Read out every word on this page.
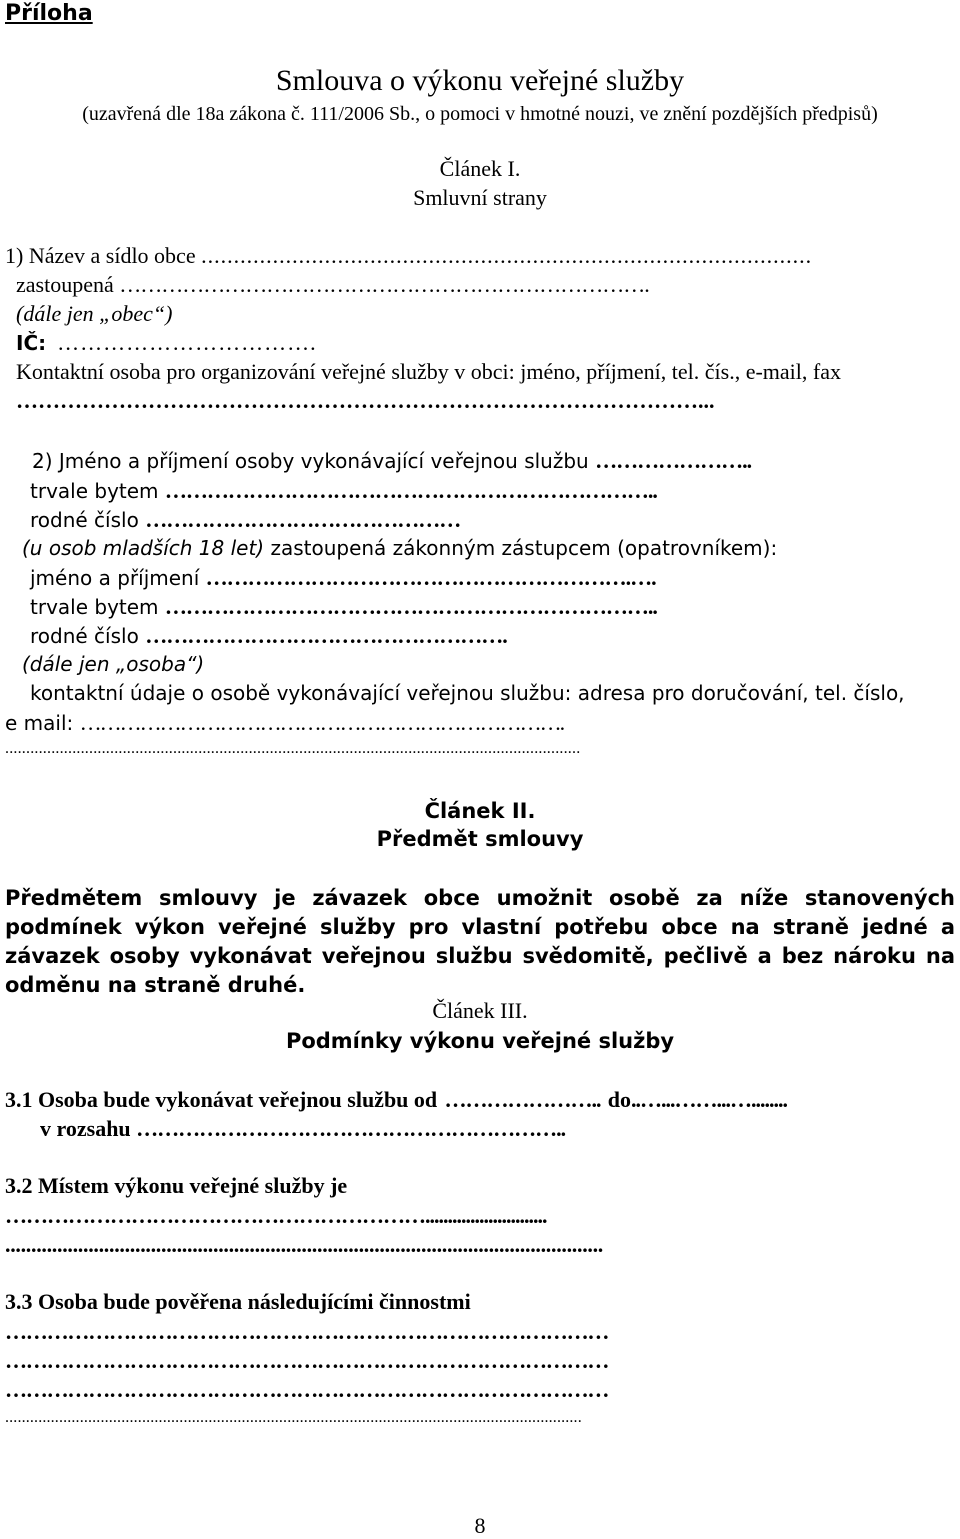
Příloha
Smlouva o výkonu veřejné služby
(uzavřená dle 18a zákona č. 111/2006 Sb., o pomoci v hmotné nouzi, ve znění pozdějších předpisů)
Článek I.
Smluvní strany
1) Název a sídlo obce
..............................................................................................
zastoupená
………………………………………………………………….
(dále jen „obec“)
IČ:
…………………………….
Kontaktní osoba pro organizování veřejné služby v obci: jméno, příjmení, tel. čís., e-mail, fax
…………………………………………………………………………………...
2) Jméno a příjmení osoby vykonávající veřejnou službu
…………………..
trvale bytem
……………………………………………………………..
rodné číslo
………………………………………
(u osob mladších 18 let)
zastoupená zákonným zástupcem (opatrovníkem):
jméno a příjmení
…………………………………………………….….
trvale bytem
……………………………………………………………..
rodné číslo
…………………………………………….
(dále jen „osoba“)
kontaktní údaje o osobě vykonávající veřejnou službu: adresa pro doručování, tel. číslo,
e mail:
……………………………………………………………….
.........................................................................................................................................
Článek II.
Předmět smlouvy
Předmětem smlouvy je závazek obce umožnit osobě za níže stanovených podmínek výkon veřejné služby pro vlastní potřebu obce na straně jedné a závazek osoby vykonávat veřejnou službu svědomitě, pečlivě a bez nároku na odměnu na straně druhé.
Článek III.
Podmínky výkonu veřejné služby
3.1 Osoba bude vykonávat veřejnou službu od
…………………..
do ..…...……...…........
v rozsahu
……………………………………………………..
3.2 Místem výkonu veřejné služby je
……………………………………………………...........................
...................................................................................................................
3.3 Osoba bude pověřena následujícími činnostmi
……………………………………………………………………………
……………………………………………………………………………
……………………………………………………………………………
...........................................................................................................................................
8
